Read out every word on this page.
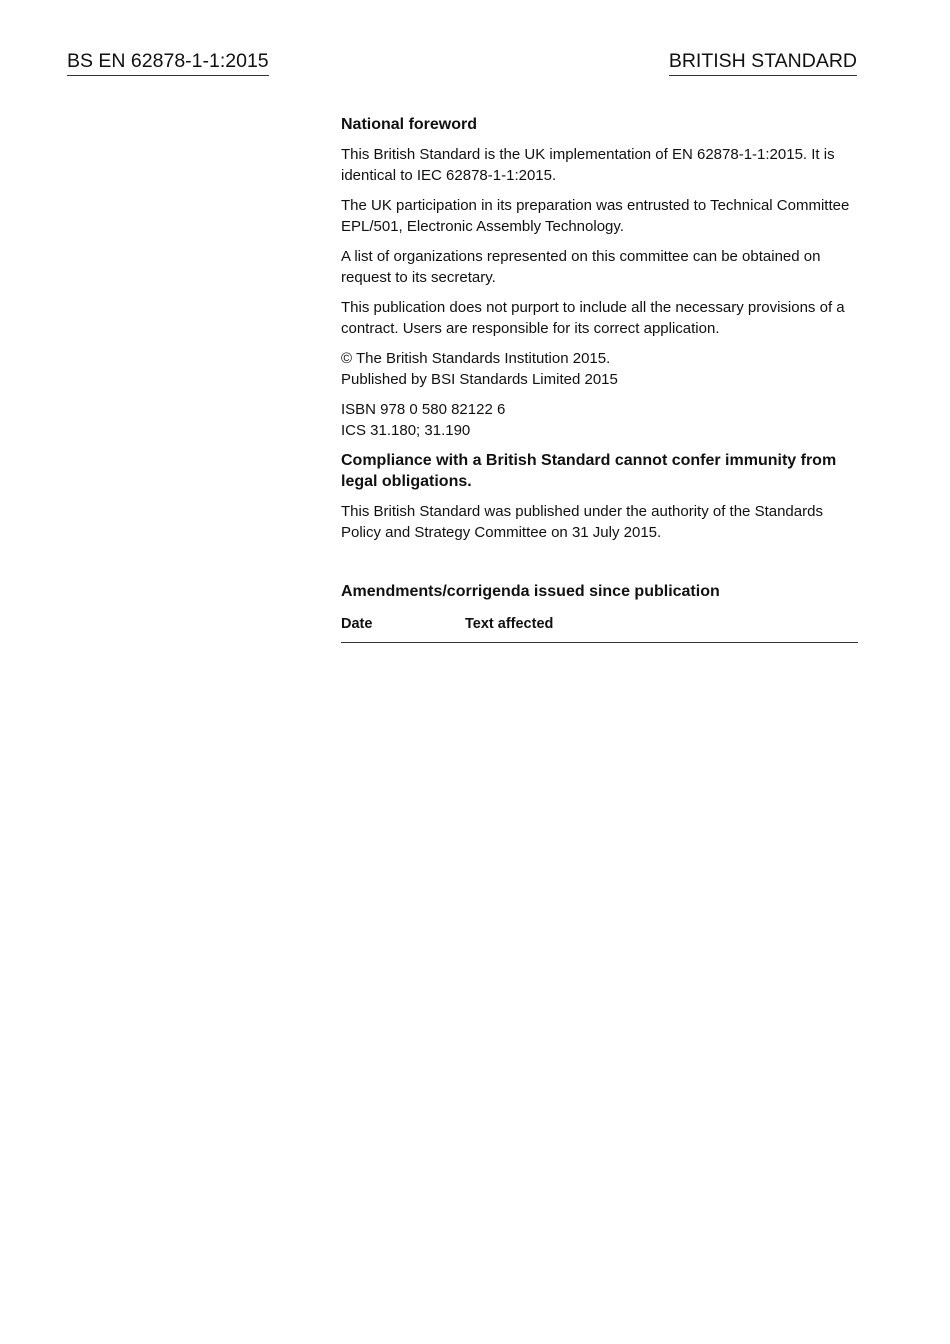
BS EN 62878-1-1:2015	BRITISH STANDARD
National foreword

This British Standard is the UK implementation of EN 62878-1-1:2015. It is identical to IEC 62878-1-1:2015.

The UK participation in its preparation was entrusted to Technical Committee EPL/501, Electronic Assembly Technology.

A list of organizations represented on this committee can be obtained on request to its secretary.

This publication does not purport to include all the necessary provisions of a contract. Users are responsible for its correct application.

© The British Standards Institution 2015.
Published by BSI Standards Limited 2015

ISBN 978 0 580 82122 6
ICS 31.180; 31.190

Compliance with a British Standard cannot confer immunity from legal obligations.

This British Standard was published under the authority of the Standards Policy and Strategy Committee on 31 July 2015.

Amendments/corrigenda issued since publication
Date	Text affected
